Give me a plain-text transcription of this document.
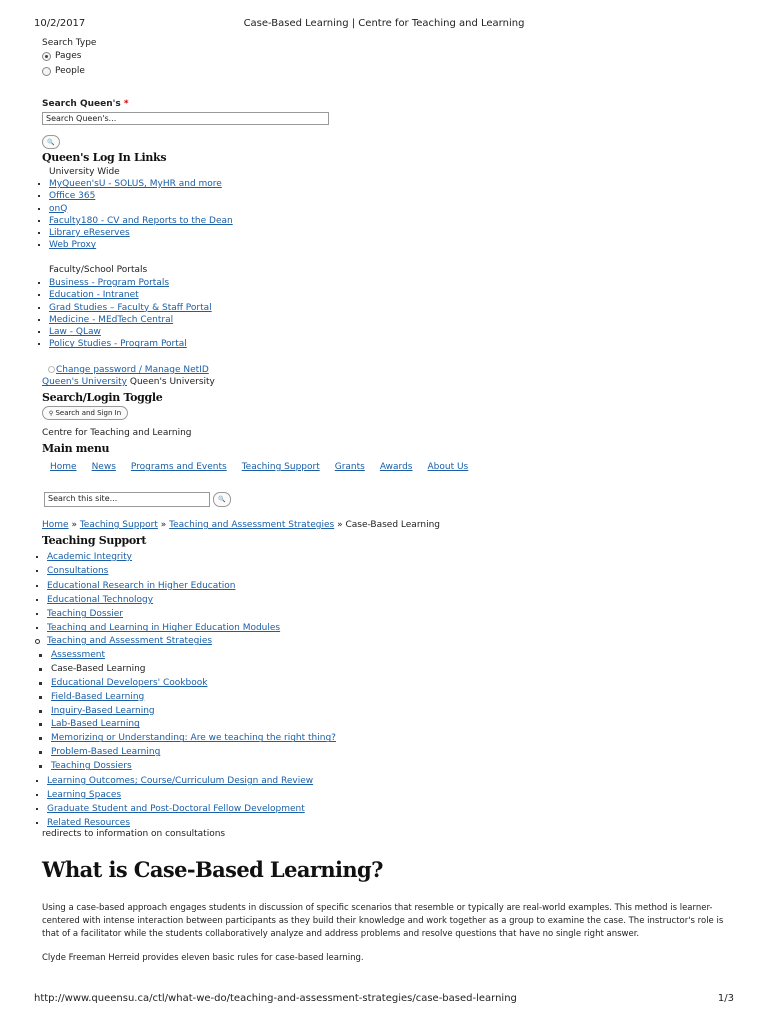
10/2/2017	Case-Based Learning | Centre for Teaching and Learning
Search Type
Pages
People
Search Queen's *
Search Queen's...
🔍
Queen's Log In Links
University Wide
MyQueen'sU - SOLUS, MyHR and more
Office 365
onQ
Faculty180 - CV and Reports to the Dean
Library eReserves
Web Proxy
Faculty/School Portals
Business - Program Portals
Education - Intranet
Grad Studies – Faculty & Staff Portal
Medicine - MEdTech Central
Law - QLaw
Policy Studies - Program Portal
Change password / Manage NetID
Queen's University Queen's University
Search/Login Toggle
⚲ Search and Sign In
Centre for Teaching and Learning
Main menu
Home News Programs and Events Teaching Support Grants Awards About Us
Search this site...	🔍
Home » Teaching Support » Teaching and Assessment Strategies » Case-Based Learning
Teaching Support
Academic Integrity
Consultations
Educational Research in Higher Education
Educational Technology
Teaching Dossier
Teaching and Learning in Higher Education Modules
Teaching and Assessment Strategies
Assessment
Case-Based Learning
Educational Developers' Cookbook
Field-Based Learning
Inquiry-Based Learning
Lab-Based Learning
Memorizing or Understanding: Are we teaching the right thing?
Problem-Based Learning
Teaching Dossiers
Learning Outcomes; Course/Curriculum Design and Review
Learning Spaces
Graduate Student and Post-Doctoral Fellow Development
Related Resources
redirects to information on consultations
What is Case-Based Learning?
Using a case-based approach engages students in discussion of specific scenarios that resemble or typically are real-world examples. This method is learner-centered with intense interaction between participants as they build their knowledge and work together as a group to examine the case. The instructor's role is that of a facilitator while the students collaboratively analyze and address problems and resolve questions that have no single right answer.
Clyde Freeman Herreid provides eleven basic rules for case-based learning.
http://www.queensu.ca/ctl/what-we-do/teaching-and-assessment-strategies/case-based-learning	1/3
